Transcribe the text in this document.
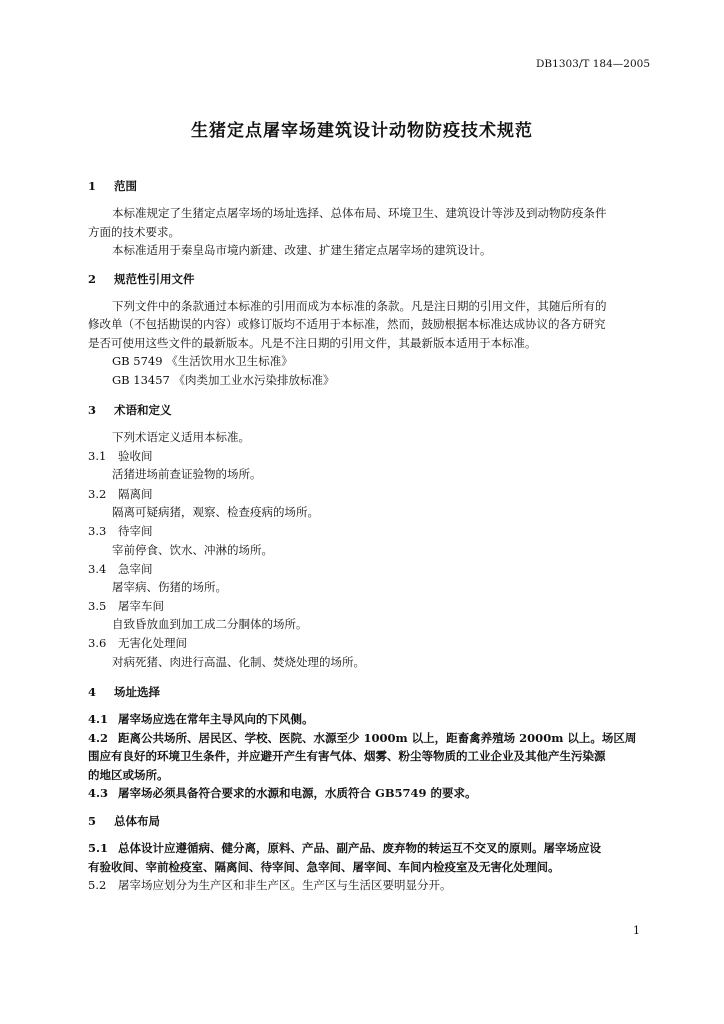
DB1303/T 184—2005
生猪定点屠宰场建筑设计动物防疫技术规范
1 范围
本标准规定了生猪定点屠宰场的场址选择、总体布局、环境卫生、建筑设计等涉及到动物防疫条件
方面的技术要求。
本标准适用于秦皇岛市境内新建、改建、扩建生猪定点屠宰场的建筑设计。
2 规范性引用文件
下列文件中的条款通过本标准的引用而成为本标准的条款。凡是注日期的引用文件，其随后所有的
修改单（不包括勘误的内容）或修订版均不适用于本标准，然而，鼓励根据本标准达成协议的各方研究
是否可使用这些文件的最新版本。凡是不注日期的引用文件，其最新版本适用于本标准。
GB 5749 《生活饮用水卫生标准》
GB 13457 《肉类加工业水污染排放标准》
3 术语和定义
下列术语定义适用本标准。
3.1 验收间
活猪进场前查证验物的场所。
3.2 隔离间
隔离可疑病猪，观察、检查疫病的场所。
3.3 待宰间
宰前停食、饮水、冲淋的场所。
3.4 急宰间
屠宰病、伤猪的场所。
3.5 屠宰车间
自致昏放血到加工成二分胴体的场所。
3.6 无害化处理间
对病死猪、肉进行高温、化制、焚烧处理的场所。
4 场址选择
4.1 屠宰场应选在常年主导风向的下风侧。
4.2 距离公共场所、居民区、学校、医院、水源至少 1000m 以上，距畜禽养殖场 2000m 以上。场区周
围应有良好的环境卫生条件，并应避开产生有害气体、烟雾、粉尘等物质的工业企业及其他产生污染源
的地区或场所。
4.3 屠宰场必须具备符合要求的水源和电源，水质符合 GB5749 的要求。
5 总体布局
5.1 总体设计应遵循病、健分离，原料、产品、副产品、废弃物的转运互不交叉的原则。屠宰场应设
有验收间、宰前检疫室、隔离间、待宰间、急宰间、屠宰间、车间内检疫室及无害化处理间。
5.2 屠宰场应划分为生产区和非生产区。生产区与生活区要明显分开。
1
